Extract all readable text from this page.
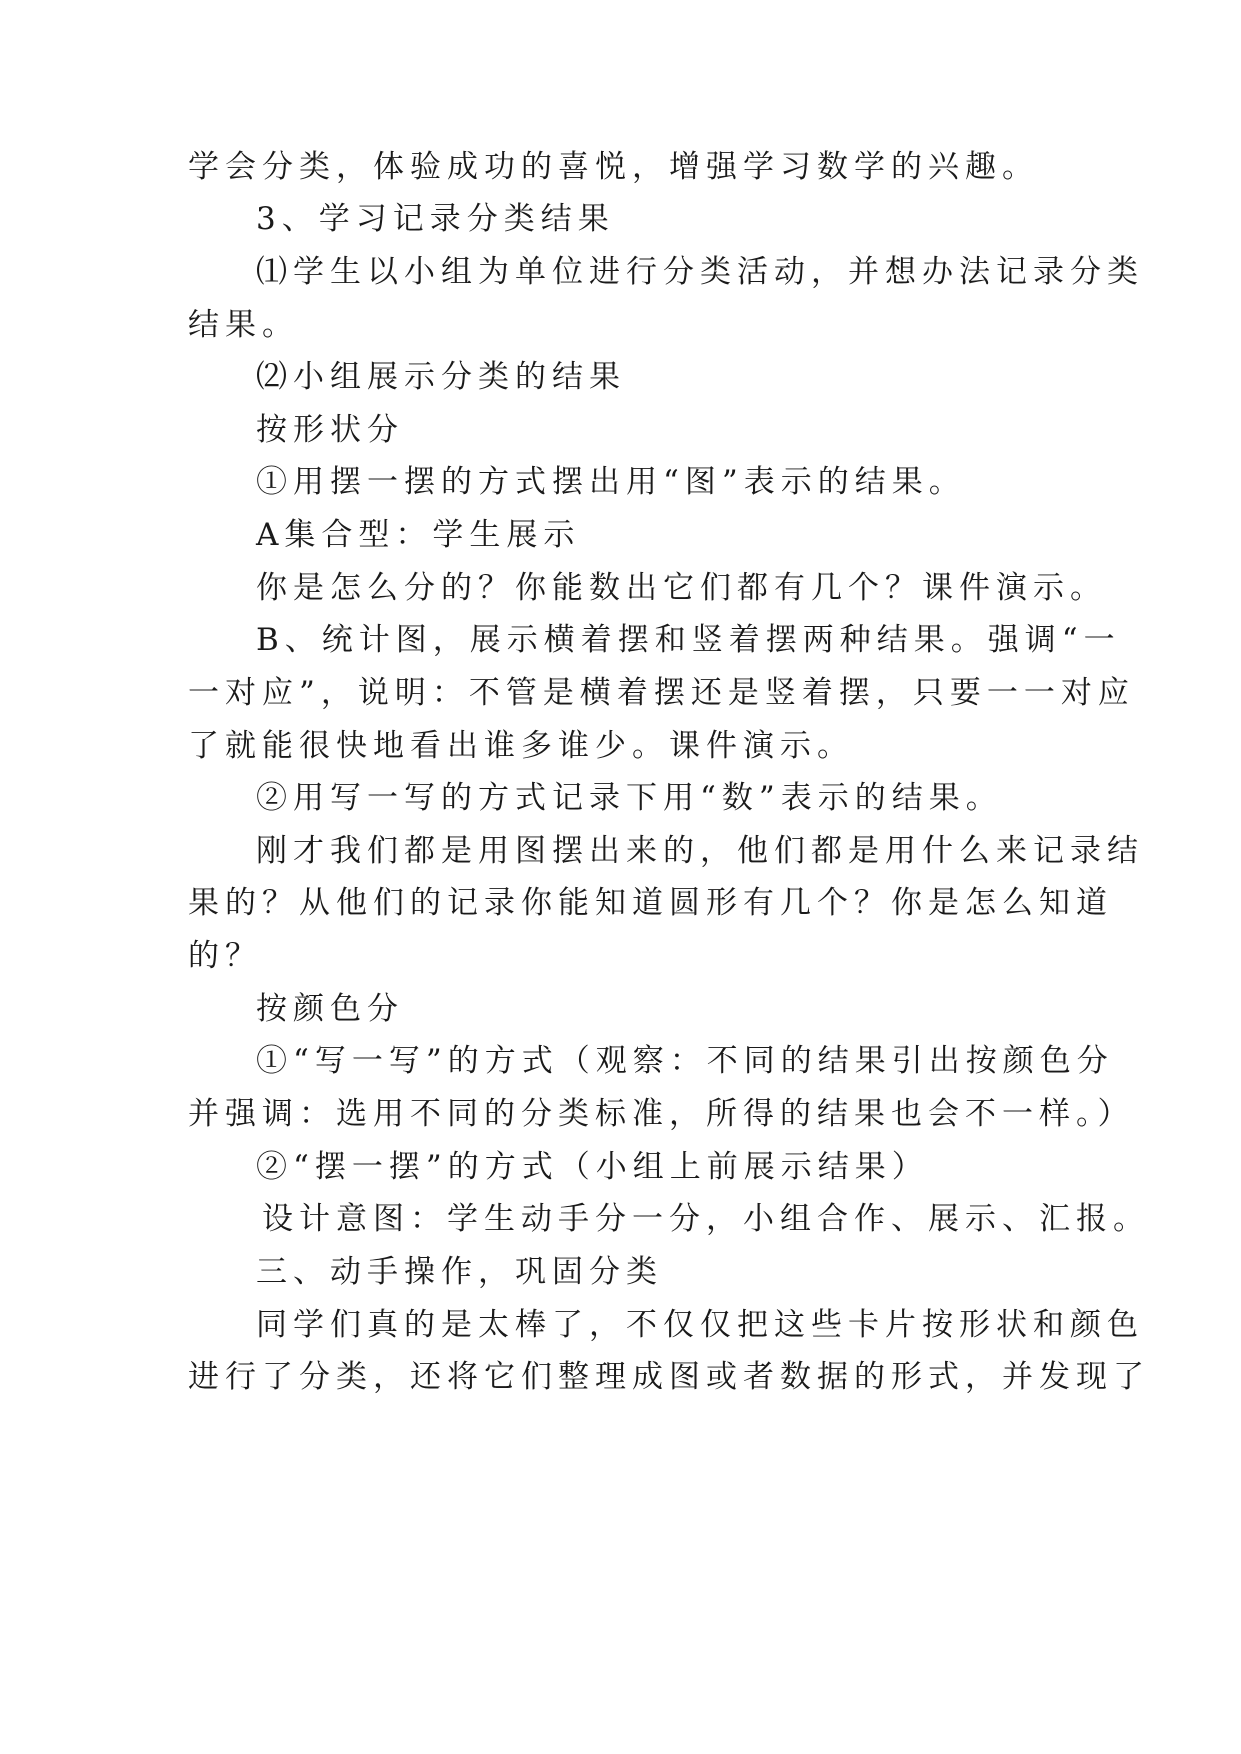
学会分类，体验成功的喜悦，增强学习数学的兴趣。
3、学习记录分类结果
⑴学生以小组为单位进行分类活动，并想办法记录分类
结果。
⑵小组展示分类的结果
按形状分
①用摆一摆的方式摆出用“图”表示的结果。
A集合型：学生展示
你是怎么分的？你能数出它们都有几个？课件演示。
B、统计图，展示横着摆和竖着摆两种结果。强调“一
一对应”，说明：不管是横着摆还是竖着摆，只要一一对应
了就能很快地看出谁多谁少。课件演示。
②用写一写的方式记录下用“数”表示的结果。
刚才我们都是用图摆出来的，他们都是用什么来记录结
果的？从他们的记录你能知道圆形有几个？你是怎么知道
的？
按颜色分
①“写一写”的方式（观察：不同的结果引出按颜色分
并强调：选用不同的分类标准，所得的结果也会不一样。）
②“摆一摆”的方式（小组上前展示结果）
设计意图：学生动手分一分，小组合作、展示、汇报。
三、动手操作，巩固分类
同学们真的是太棒了，不仅仅把这些卡片按形状和颜色
进行了分类，还将它们整理成图或者数据的形式，并发现了
